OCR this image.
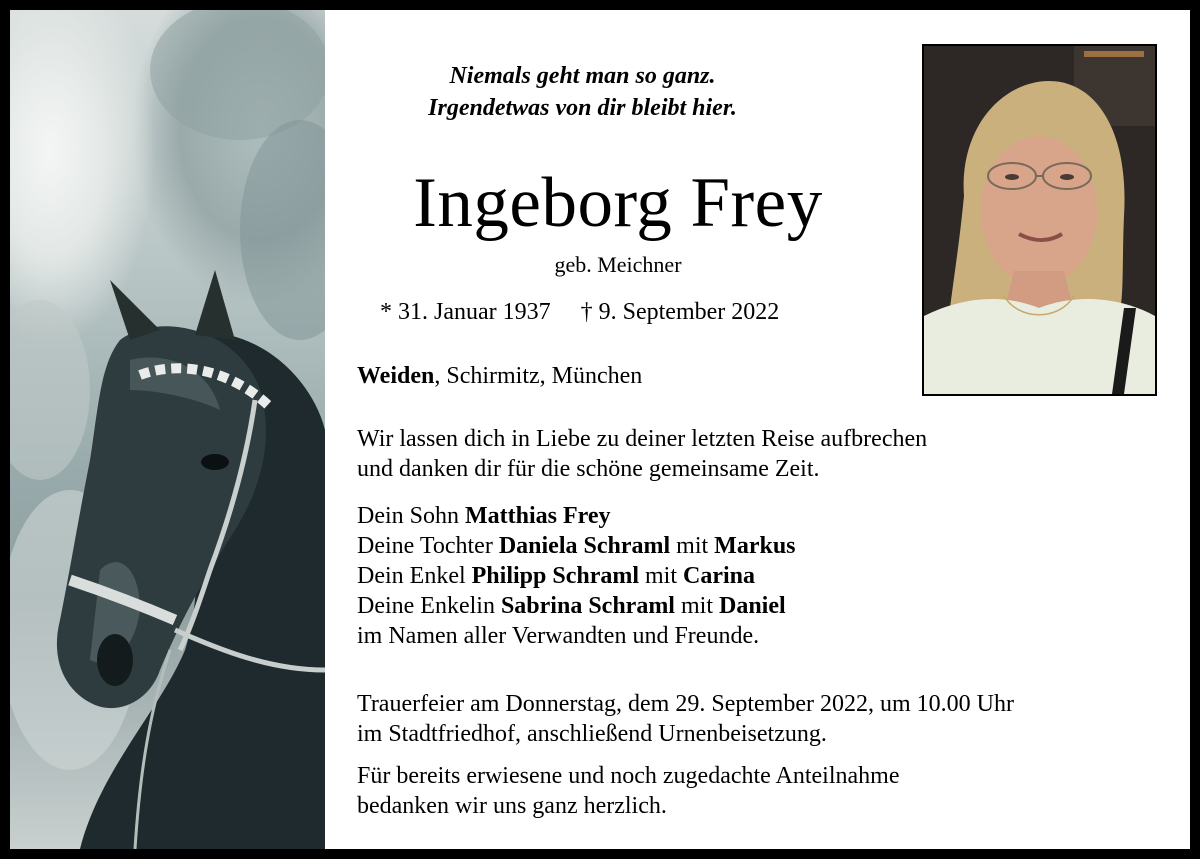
Niemals geht man so ganz.
Irgendetwas von dir bleibt hier.
Ingeborg Frey
geb. Meichner
* 31. Januar 1937 † 9. September 2022
Weiden, Schirmitz, München
Wir lassen dich in Liebe zu deiner letzten Reise aufbrechen
und danken dir für die schöne gemeinsame Zeit.
Dein Sohn Matthias Frey
Deine Tochter Daniela Schraml mit Markus
Dein Enkel Philipp Schraml mit Carina
Deine Enkelin Sabrina Schraml mit Daniel
im Namen aller Verwandten und Freunde.
Trauerfeier am Donnerstag, dem 29. September 2022, um 10.00 Uhr
im Stadtfriedhof, anschließend Urnenbeisetzung.
Für bereits erwiesene und noch zugedachte Anteilnahme
bedanken wir uns ganz herzlich.
